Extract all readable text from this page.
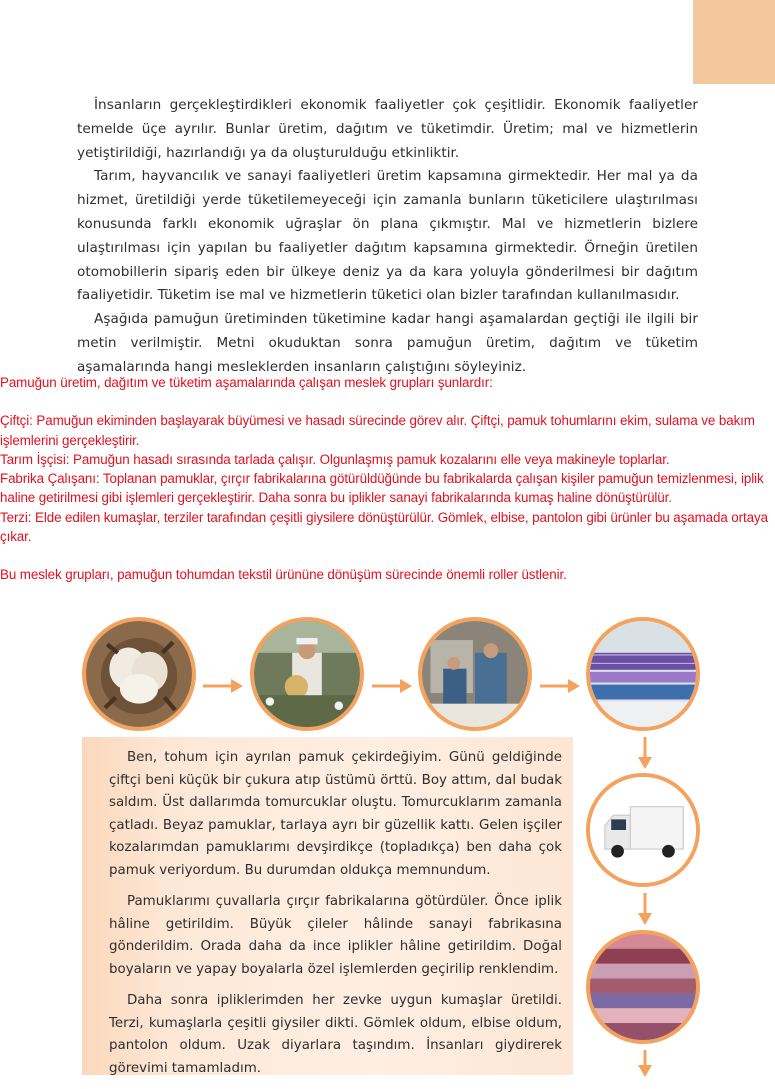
İnsanların gerçekleştirdikleri ekonomik faaliyetler çok çeşitlidir. Ekonomik faaliyetler temelde üçe ayrılır. Bunlar üretim, dağıtım ve tüketimdir. Üretim; mal ve hizmetlerin yetiştirildiği, hazırlandığı ya da oluşturulduğu etkinliktir.

Tarım, hayvancılık ve sanayi faaliyetleri üretim kapsamına girmektedir. Her mal ya da hizmet, üretildiği yerde tüketilemeyeceği için zamanla bunların tüketicilere ulaştırılması konusunda farklı ekonomik uğraşlar ön plana çıkmıştır. Mal ve hizmetlerin bizlere ulaştırılması için yapılan bu faaliyetler dağıtım kapsamına girmektedir. Örneğin üretilen otomobillerin sipariş eden bir ülkeye deniz ya da kara yoluyla gönderilmesi bir dağıtım faaliyetidir. Tüketim ise mal ve hizmetlerin tüketici olan bizler tarafından kullanılmasıdır.

Aşağıda pamuğun üretiminden tüketimine kadar hangi aşamalardan geçtiği ile ilgili bir metin verilmiştir. Metni okuduktan sonra pamuğun üretim, dağıtım ve tüketim aşamalarında hangi mesleklerden insanların çalıştığını söyleyiniz.

Pamuğun üretim, dağıtım ve tüketim aşamalarında çalışan meslek grupları şunlardır:

Çiftçi: Pamuğun ekiminden başlayarak büyümesi ve hasadı sürecinde görev alır. Çiftçi, pamuk tohumlarını ekim, sulama ve bakım işlemlerini gerçekleştirir.

Tarım İşçisi: Pamuğun hasadı sırasında tarlada çalışır. Olgunlaşmış pamuk kozalarını elle veya makineyle toplarlar.

Fabrika Çalışanı: Toplanan pamuklar, çırçır fabrikalarına götürüldüğünde bu fabrikalarda çalışan kişiler pamuğun temizlenmesi, iplik haline getirilmesi gibi işlemleri gerçekleştirir. Daha sonra bu iplikler sanayi fabrikalarında kumaş haline dönüştürülür.

Terzi: Elde edilen kumaşlar, terziler tarafından çeşitli giysilere dönüştürülür. Gömlek, elbise, pantolon gibi ürünler bu aşamada ortaya çıkar.

Bu meslek grupları, pamuğun tohumdan tekstil ürününe dönüşüm sürecinde önemli roller üstlenir.

Ben, tohum için ayrılan pamuk çekirdeğiyim. Günü geldiğinde çiftçi beni küçük bir çukura atıp üstümü örttü. Boy attım, dal budak saldım. Üst dallarımda tomurcuklar oluştu. Tomurcuklarım zamanla çatladı. Beyaz pamuklar, tarlaya ayrı bir güzellik kattı. Gelen işçiler kozalarımdan pamuklarımı devşirdikçe (topladıkça) ben daha çok pamuk veriyordum. Bu durumdan oldukça memnundum.

Pamuklarımı çuvallarla çırçır fabrikalarına götürdüler. Önce iplik hâline getirildim. Büyük çileler hâlinde sanayi fabrikasına gönderildim. Orada daha da ince iplikler hâline getirildim. Doğal boyaların ve yapay boyalarla özel işlemlerden geçirilip renklendim.

Daha sonra ipliklerimden her zevke uygun kumaşlar üretildi. Terzi, kumaşlarla çeşitli giysiler dikti. Gömlek oldum, elbise oldum, pantolon oldum. Uzak diyarlara taşındım. İnsanları giydirerek görevimi tamamladım.
